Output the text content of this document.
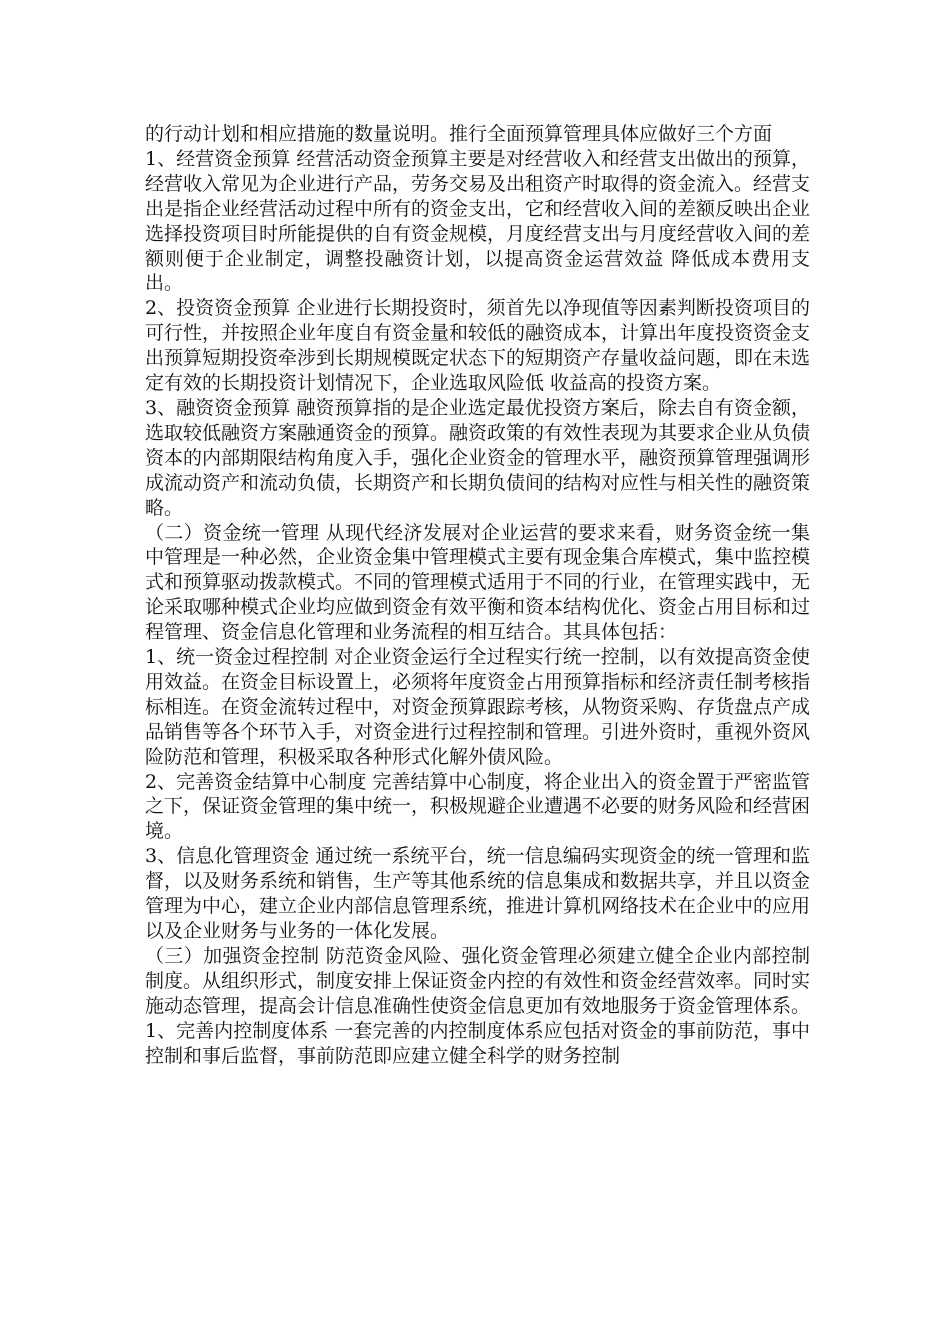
的行动计划和相应措施的数量说明。推行全面预算管理具体应做好三个方面

1、经营资金预算 经营活动资金预算主要是对经营收入和经营支出做出的预算，经营收入常见为企业进行产品，劳务交易及出租资产时取得的资金流入。经营支出是指企业经营活动过程中所有的资金支出，它和经营收入间的差额反映出企业选择投资项目时所能提供的自有资金规模，月度经营支出与月度经营收入间的差额则便于企业制定，调整投融资计划，以提高资金运营效益 降低成本费用支出。

2、投资资金预算 企业进行长期投资时，须首先以净现值等因素判断投资项目的可行性，并按照企业年度自有资金量和较低的融资成本，计算出年度投资资金支出预算短期投资牵涉到长期规模既定状态下的短期资产存量收益问题，即在未选定有效的长期投资计划情况下，企业选取风险低 收益高的投资方案。

3、融资资金预算 融资预算指的是企业选定最优投资方案后，除去自有资金额，选取较低融资方案融通资金的预算。融资政策的有效性表现为其要求企业从负债资本的内部期限结构角度入手，强化企业资金的管理水平，融资预算管理强调形成流动资产和流动负债，长期资产和长期负债间的结构对应性与相关性的融资策略。

（二）资金统一管理 从现代经济发展对企业运营的要求来看，财务资金统一集中管理是一种必然，企业资金集中管理模式主要有现金集合库模式，集中监控模式和预算驱动拨款模式。不同的管理模式适用于不同的行业，在管理实践中，无论采取哪种模式企业均应做到资金有效平衡和资本结构优化、资金占用目标和过程管理、资金信息化管理和业务流程的相互结合。其具体包括：

1、统一资金过程控制 对企业资金运行全过程实行统一控制，以有效提高资金使用效益。在资金目标设置上，必须将年度资金占用预算指标和经济责任制考核指标相连。在资金流转过程中，对资金预算跟踪考核，从物资采购、存货盘点产成品销售等各个环节入手，对资金进行过程控制和管理。引进外资时，重视外资风险防范和管理，积极采取各种形式化解外债风险。

2、完善资金结算中心制度 完善结算中心制度，将企业出入的资金置于严密监管之下，保证资金管理的集中统一，积极规避企业遭遇不必要的财务风险和经营困境。

3、信息化管理资金 通过统一系统平台，统一信息编码实现资金的统一管理和监督，以及财务系统和销售，生产等其他系统的信息集成和数据共享，并且以资金管理为中心，建立企业内部信息管理系统，推进计算机网络技术在企业中的应用以及企业财务与业务的一体化发展。

（三）加强资金控制 防范资金风险、强化资金管理必须建立健全企业内部控制制度。从组织形式，制度安排上保证资金内控的有效性和资金经营效率。同时实施动态管理，提高会计信息准确性使资金信息更加有效地服务于资金管理体系。

1、完善内控制度体系 一套完善的内控制度体系应包括对资金的事前防范，事中控制和事后监督，事前防范即应建立健全科学的财务控制
